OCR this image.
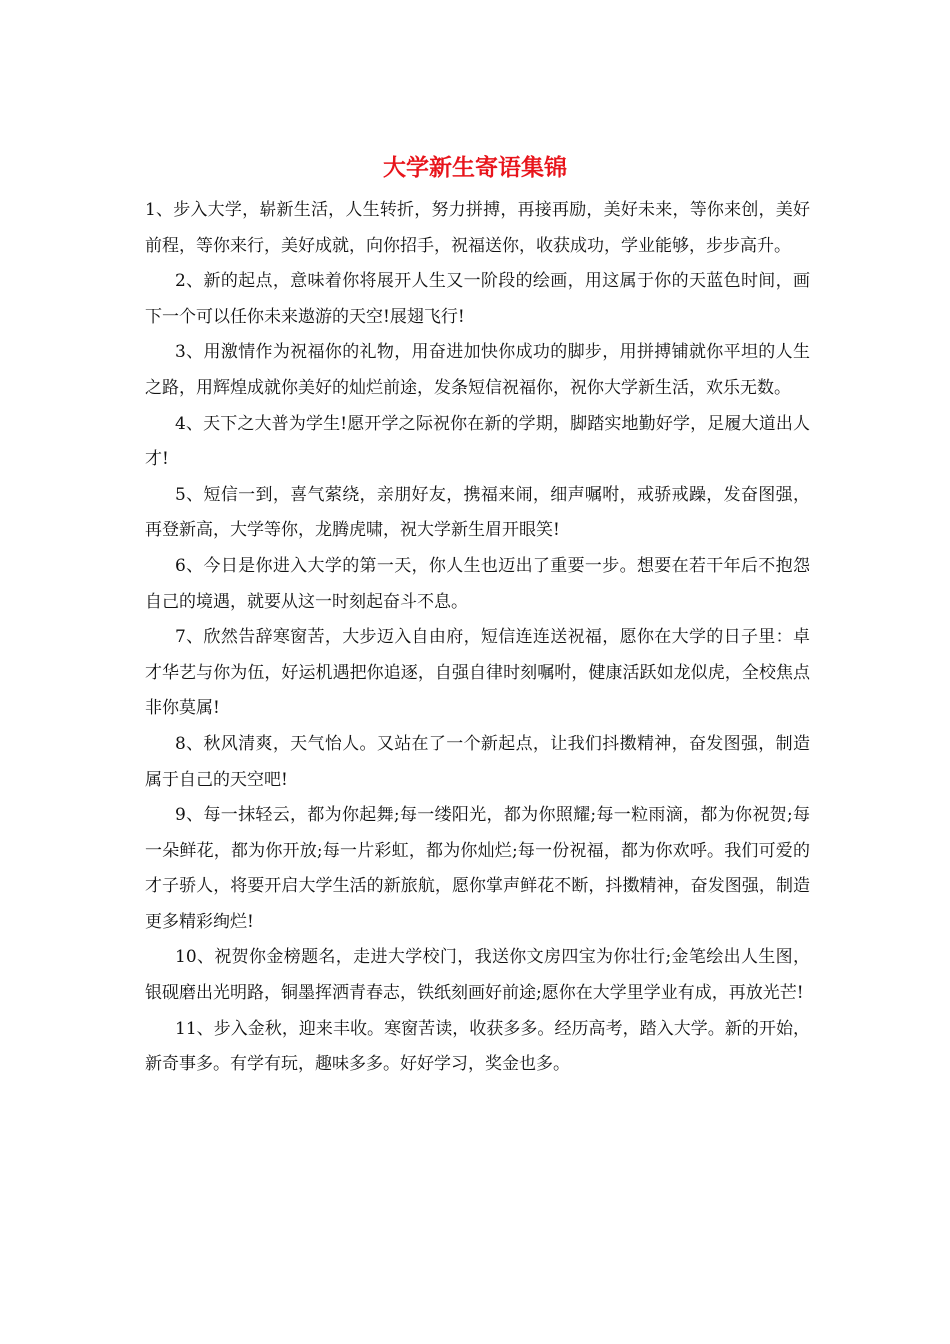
大学新生寄语集锦

1、步入大学，崭新生活，人生转折，努力拼搏，再接再励，美好未来，等你来创，美好前程，等你来行，美好成就，向你招手，祝福送你，收获成功，学业能够，步步高升。

2、新的起点，意味着你将展开人生又一阶段的绘画，用这属于你的天蓝色时间，画下一个可以任你未来遨游的天空!展翅飞行!

3、用激情作为祝福你的礼物，用奋进加快你成功的脚步，用拼搏铺就你平坦的人生之路，用辉煌成就你美好的灿烂前途，发条短信祝福你，祝你大学新生活，欢乐无数。

4、天下之大普为学生!愿开学之际祝你在新的学期，脚踏实地勤好学，足履大道出人才!

5、短信一到，喜气萦绕，亲朋好友，携福来闹，细声嘱咐，戒骄戒躁，发奋图强，再登新高，大学等你，龙腾虎啸，祝大学新生眉开眼笑!

6、今日是你进入大学的第一天，你人生也迈出了重要一步。想要在若干年后不抱怨自己的境遇，就要从这一时刻起奋斗不息。

7、欣然告辞寒窗苦，大步迈入自由府，短信连连送祝福，愿你在大学的日子里：卓才华艺与你为伍，好运机遇把你追逐，自强自律时刻嘱咐，健康活跃如龙似虎，全校焦点非你莫属!

8、秋风清爽，天气怡人。又站在了一个新起点，让我们抖擞精神，奋发图强，制造属于自己的天空吧!

9、每一抹轻云，都为你起舞;每一缕阳光，都为你照耀;每一粒雨滴，都为你祝贺;每一朵鲜花，都为你开放;每一片彩虹，都为你灿烂;每一份祝福，都为你欢呼。我们可爱的才子骄人，将要开启大学生活的新旅航，愿你掌声鲜花不断，抖擞精神，奋发图强，制造更多精彩绚烂!

10、祝贺你金榜题名，走进大学校门，我送你文房四宝为你壮行;金笔绘出人生图，银砚磨出光明路，铜墨挥洒青春志，铁纸刻画好前途;愿你在大学里学业有成，再放光芒!

11、步入金秋，迎来丰收。寒窗苦读，收获多多。经历高考，踏入大学。新的开始，新奇事多。有学有玩，趣味多多。好好学习，奖金也多。
